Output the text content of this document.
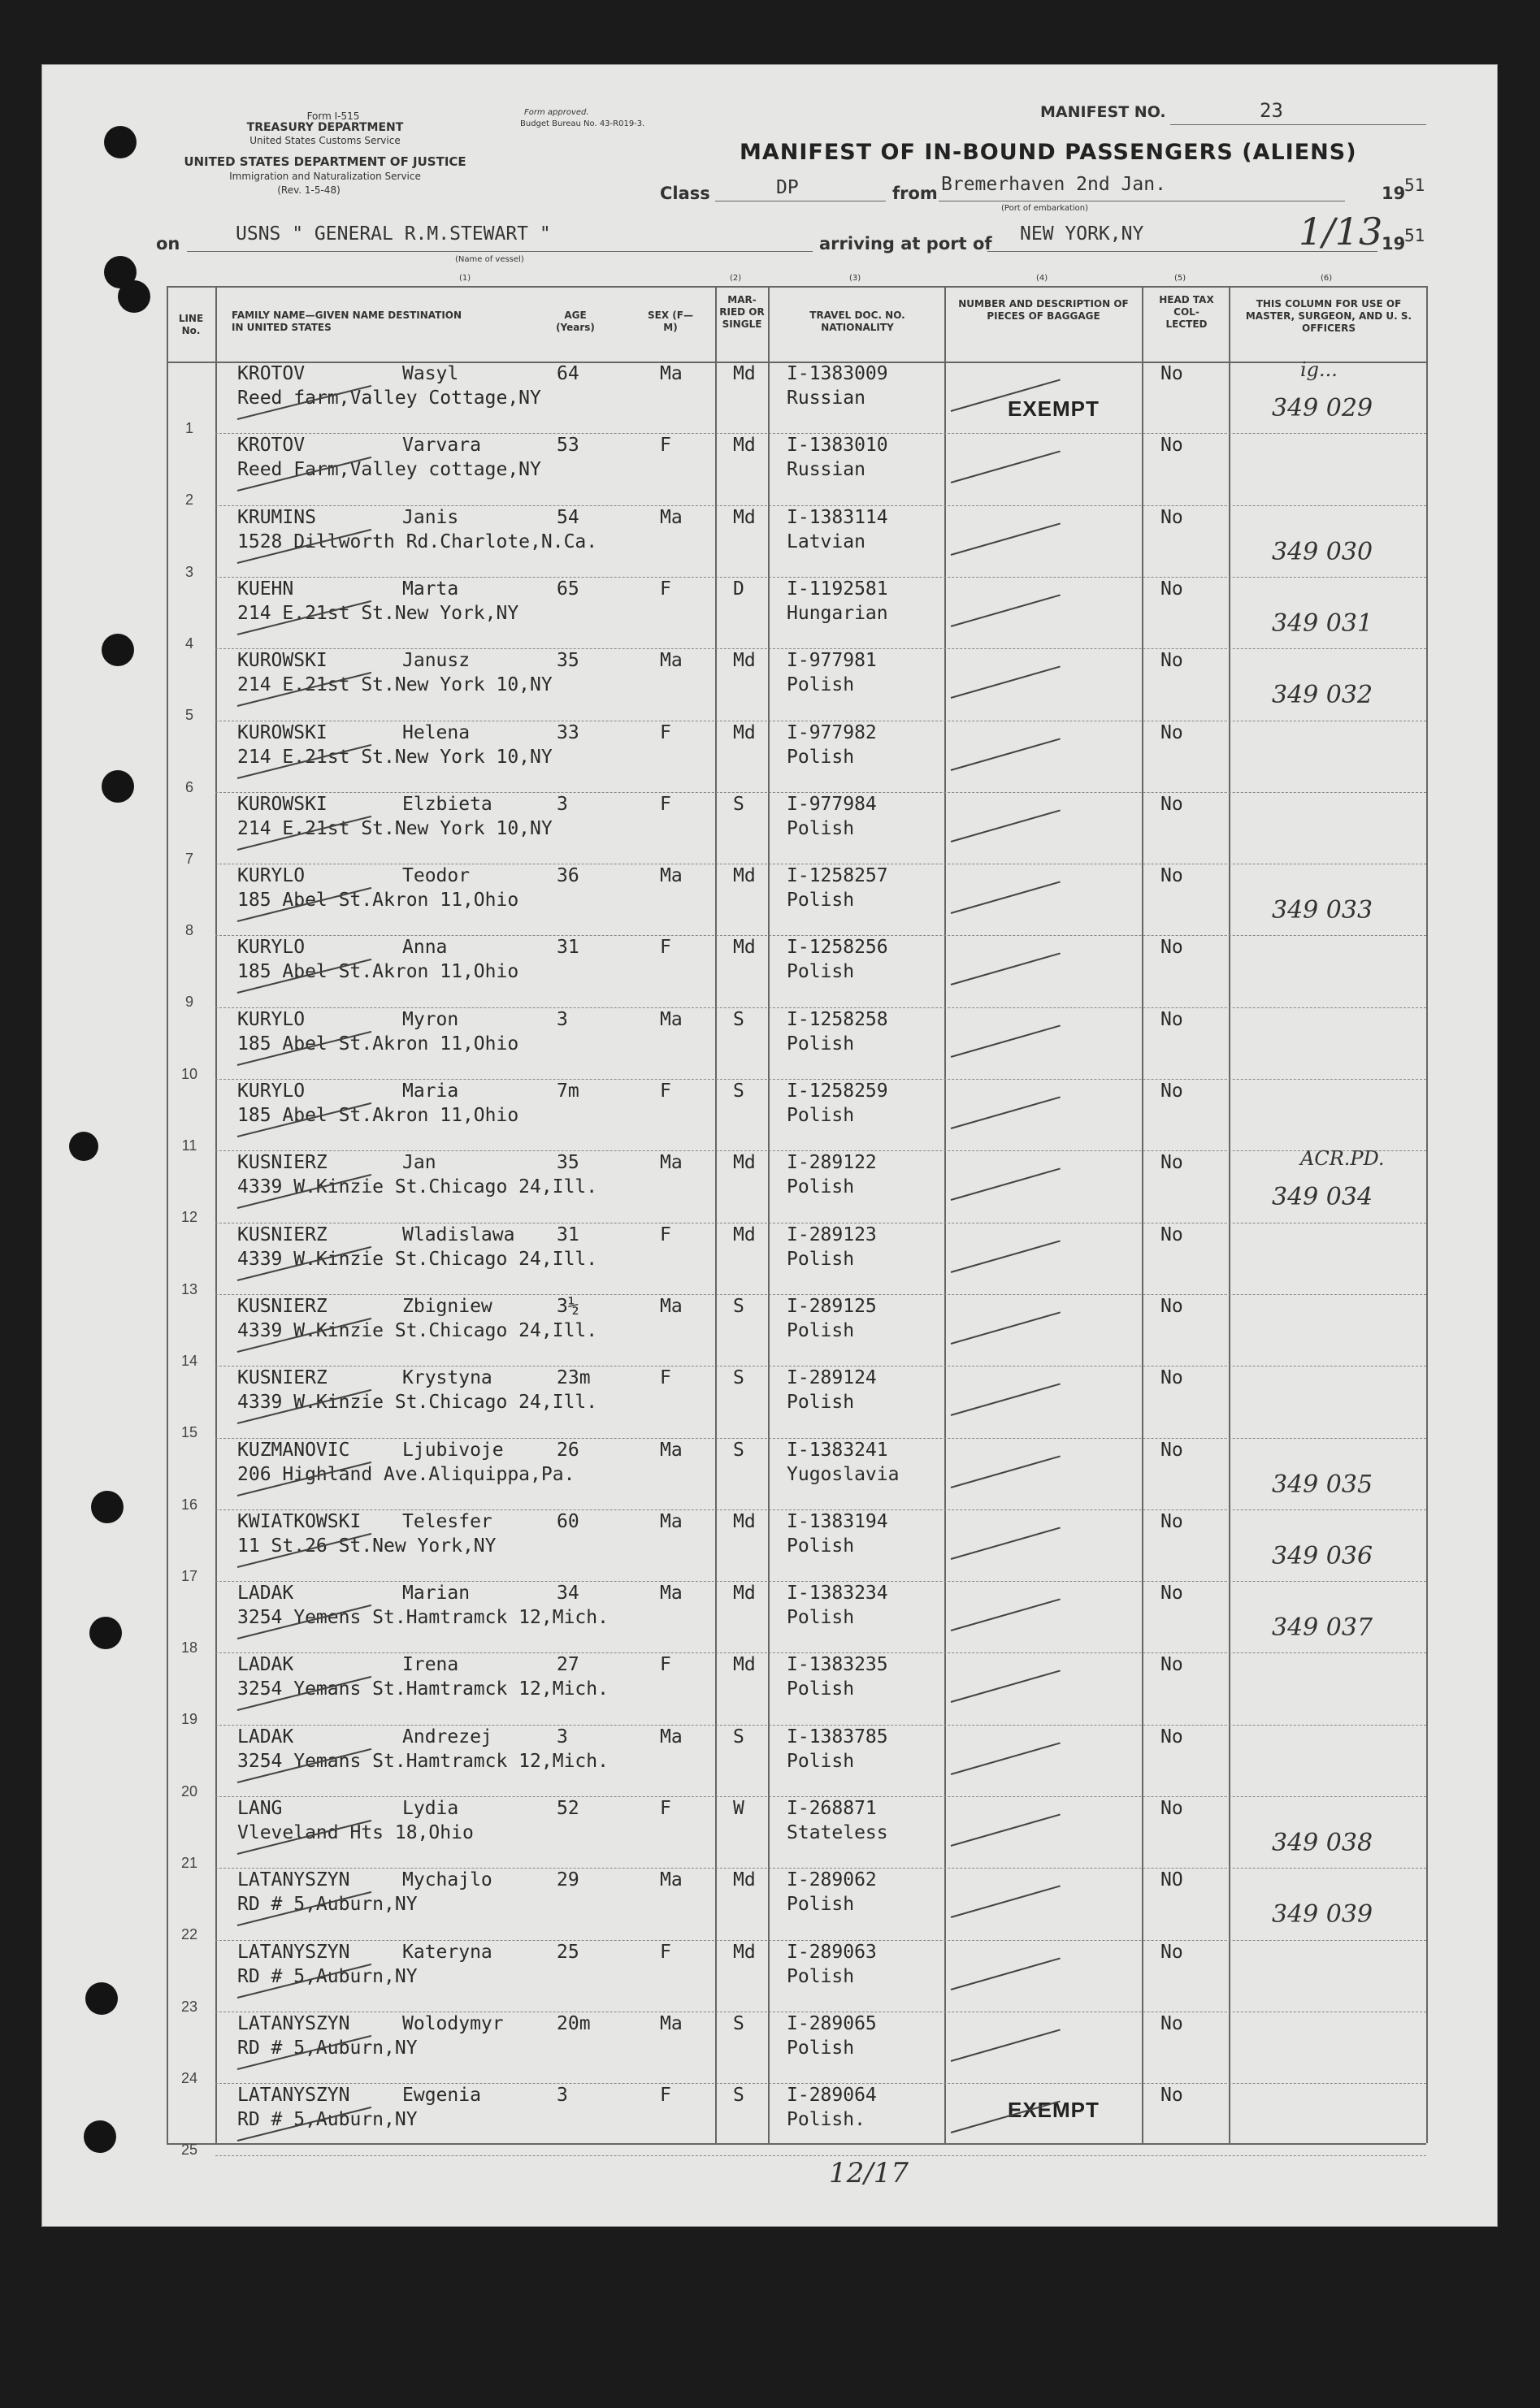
Form I-515
TREASURY DEPARTMENT
United States Customs Service
UNITED STATES DEPARTMENT OF JUSTICE
Immigration and Naturalization Service
(Rev. 1-5-48)
Form approved.
Budget Bureau No. 43-R019-3.
MANIFEST NO.	23
MANIFEST OF IN-BOUND PASSENGERS (ALIENS)
Class	DP	from Bremerhaven 2nd Jan.
(Port of embarkation)
19
51
on	USNS " GENERAL R.M.STEWART "
(Name of vessel)
arriving at port of NEW YORK,NY	1/13
19
51
(1)	(2)	(3)	(4)	(5)	(6)
LINE No.
FAMILY NAME—GIVEN NAME DESTINATION IN UNITED STATES
AGE (Years)
SEX (F—M)
MAR- RIED OR SINGLE
TRAVEL DOC. NO. NATIONALITY
NUMBER AND DESCRIPTION OF PIECES OF BAGGAGE
HEAD TAX COL- LECTED
THIS COLUMN FOR USE OF MASTER, SURGEON, AND U. S. OFFICERS
EXEMPT
EXEMPT
12/17
1
KROTOV	Wasyl
Reed farm,Valley Cottage,NY
64	Ma	Md I-1383009
Russian
No	ig...
349 029
2
KROTOV	Varvara
Reed Farm,Valley cottage,NY
53	F	Md I-1383010
Russian
No
3
KRUMINS	Janis
1528 Dillworth Rd.Charlote,N.Ca.
54	Ma	Md I-1383114
Latvian
No
349 030
4
KUEHN	Marta
214 E.21st St.New York,NY
65	F	D I-1192581
Hungarian
No
349 031
5
KUROWSKI	Janusz
214 E.21st St.New York 10,NY
35	Ma	Md I-977981
Polish
No
349 032
6
KUROWSKI	Helena
214 E.21st St.New York 10,NY
33	F	Md I-977982
Polish
No
7
KUROWSKI	Elzbieta
214 E.21st St.New York 10,NY
3	F	S I-977984
Polish
No
8
KURYLO	Teodor
185 Abel St.Akron 11,Ohio
36	Ma	Md I-1258257
Polish
No
349 033
9
KURYLO	Anna
185 Abel St.Akron 11,Ohio
31	F	Md I-1258256
Polish
No
10
KURYLO	Myron
185 Abel St.Akron 11,Ohio
3	Ma	S I-1258258
Polish
No
11
KURYLO	Maria
185 Abel St.Akron 11,Ohio
7m	F	S I-1258259
Polish
No
12
KUSNIERZ	Jan
4339 W.Kinzie St.Chicago 24,Ill.
35	Ma	Md I-289122
Polish
No	ACR.PD.
349 034
13
KUSNIERZ	Wladislawa
4339 W.Kinzie St.Chicago 24,Ill.
31	F	Md I-289123
Polish
No
14
KUSNIERZ	Zbigniew
4339 W.Kinzie St.Chicago 24,Ill.
3½	Ma	S I-289125
Polish
No
15
KUSNIERZ	Krystyna
4339 W.Kinzie St.Chicago 24,Ill.
23m	F	S I-289124
Polish
No
16
KUZMANOVIC	Ljubivoje
206 Highland Ave.Aliquippa,Pa.
26	Ma	S I-1383241
Yugoslavia
No
349 035
17
KWIATKOWSKI Telesfer
11 St.26 St.New York,NY
60	Ma	Md I-1383194
Polish
No
349 036
18
LADAK	Marian
3254 Yemens St.Hamtramck 12,Mich.
34	Ma	Md I-1383234
Polish
No
349 037
19
LADAK	Irena
3254 Yemans St.Hamtramck 12,Mich.
27	F	Md I-1383235
Polish
No
20
LADAK	Andrezej
3254 Yemans St.Hamtramck 12,Mich.
3	Ma	S I-1383785
Polish
No
21
LANG	Lydia
Vleveland Hts 18,Ohio
52	F	W I-268871
Stateless
No
349 038
22
LATANYSZYN	Mychajlo
RD # 5,Auburn,NY
29	Ma	Md I-289062
Polish
NO
349 039
23
LATANYSZYN	Kateryna
RD # 5,Auburn,NY
25	F	Md I-289063
Polish
No
24
LATANYSZYN	Wolodymyr
RD # 5,Auburn,NY
20m	Ma	S I-289065
Polish
No
25
LATANYSZYN	Ewgenia
RD # 5,Auburn,NY
3	F	S I-289064
Polish.
No
